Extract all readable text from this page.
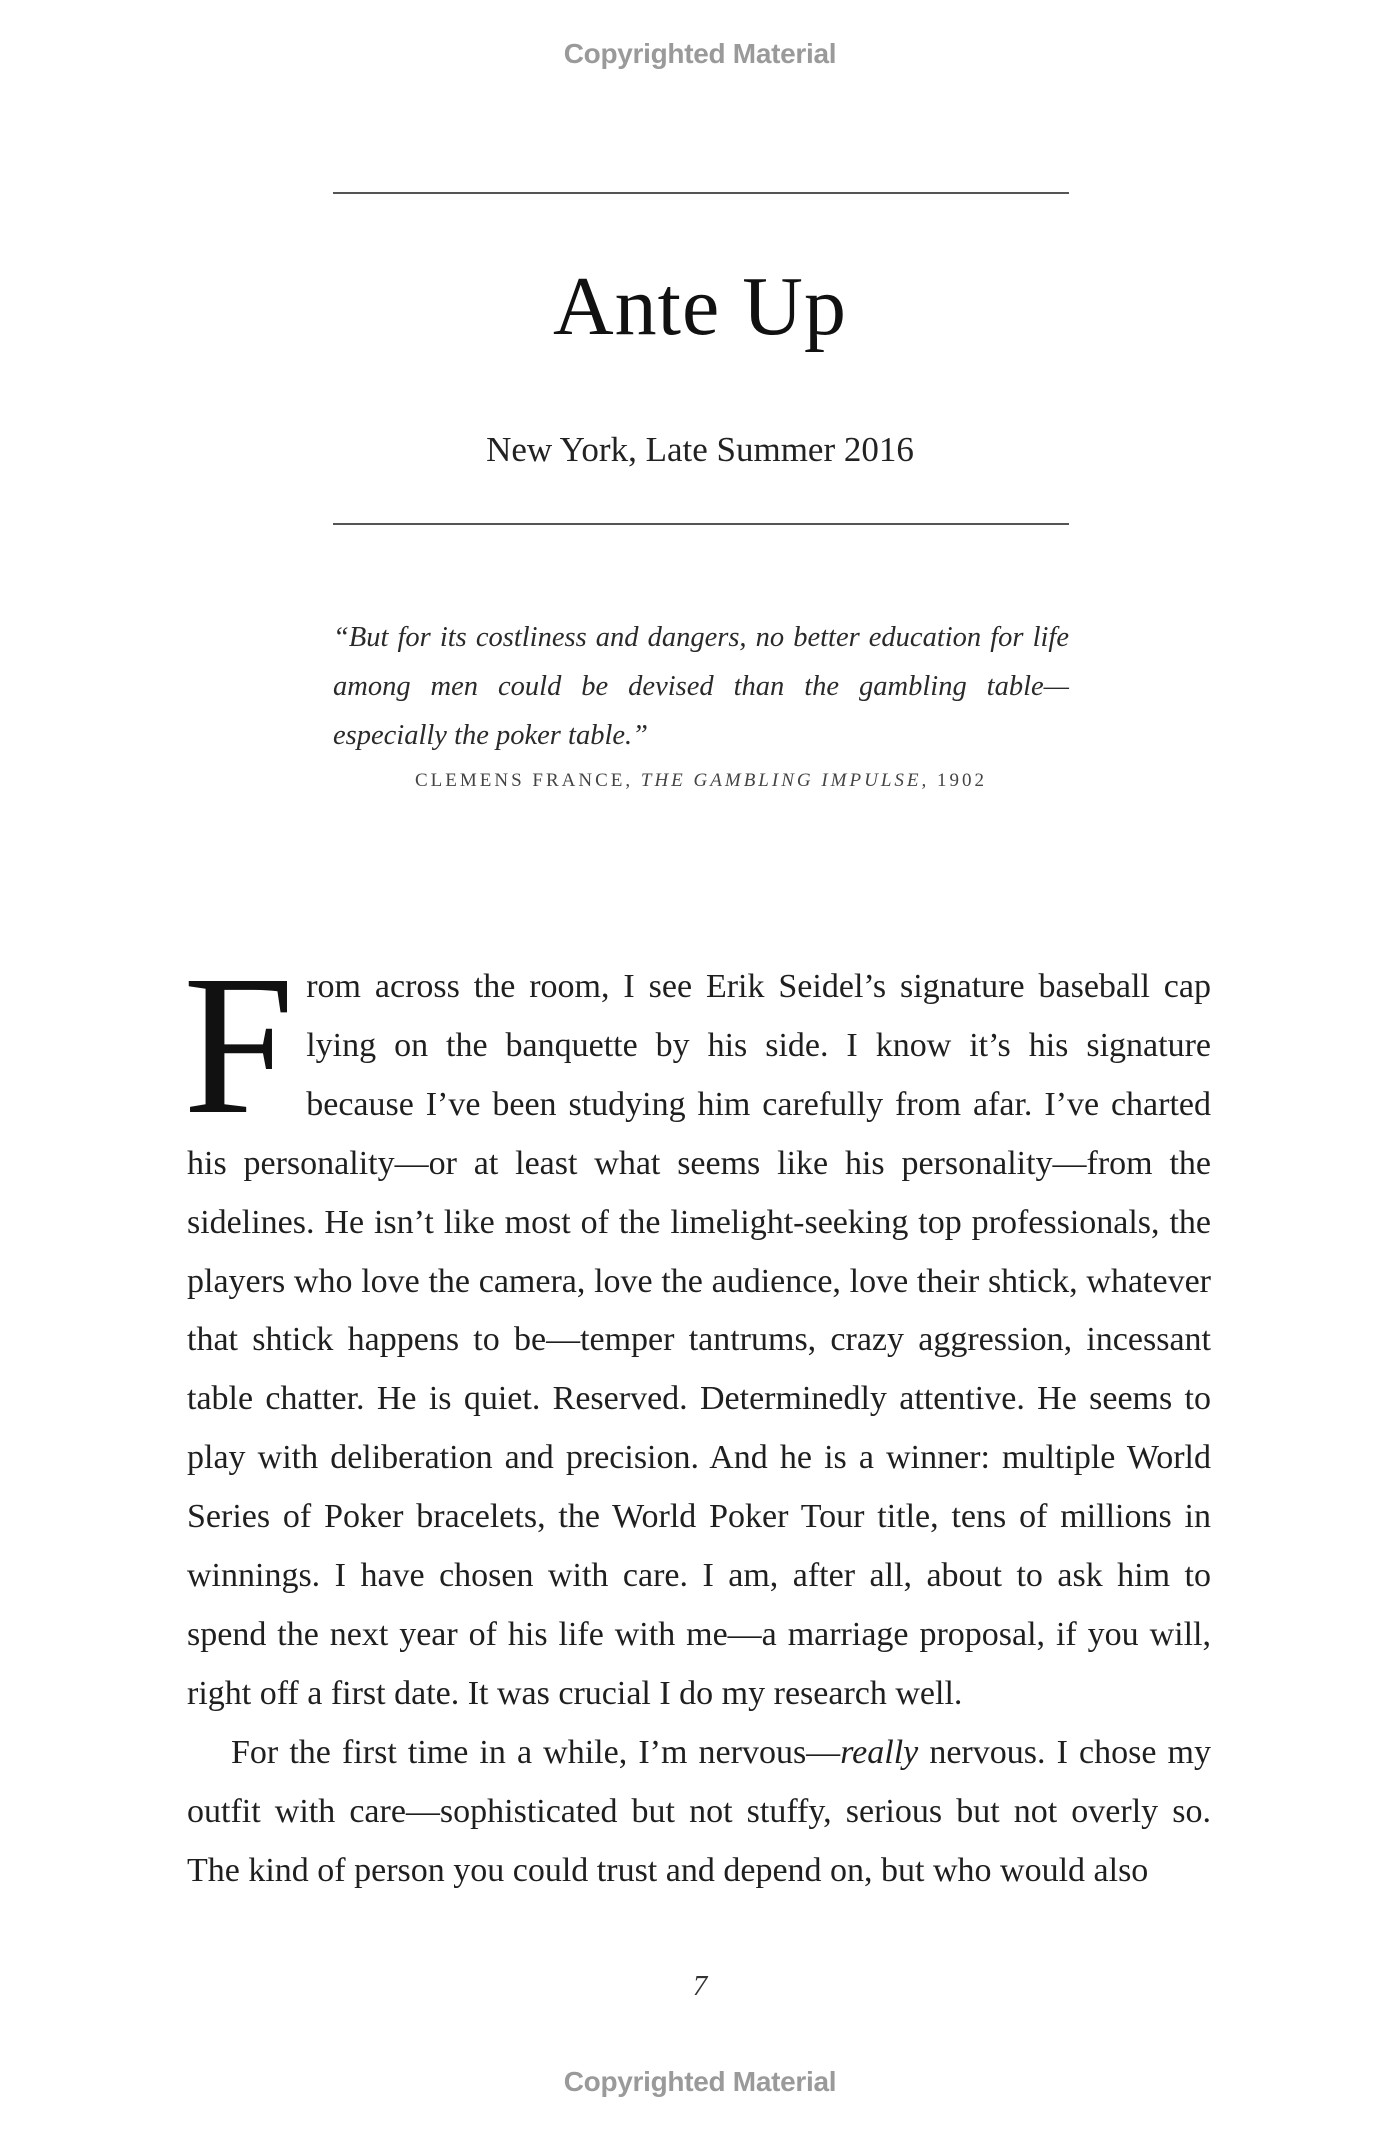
Copyrighted Material
Ante Up
New York, Late Summer 2016
“But for its costliness and dangers, no better education for life among men could be devised than the gambling table—especially the poker table.”
CLEMENS FRANCE, THE GAMBLING IMPULSE, 1902

From across the room, I see Erik Seidel’s signature baseball cap lying on the banquette by his side. I know it’s his signature because I’ve been studying him carefully from afar. I’ve charted his personality—or at least what seems like his personality—from the sidelines. He isn’t like most of the limelight-seeking top professionals, the players who love the camera, love the audience, love their shtick, whatever that shtick happens to be—temper tantrums, crazy aggression, incessant table chatter. He is quiet. Reserved. Determinedly attentive. He seems to play with deliberation and precision. And he is a winner: multiple World Series of Poker bracelets, the World Poker Tour title, tens of millions in winnings. I have chosen with care. I am, after all, about to ask him to spend the next year of his life with me—a marriage proposal, if you will, right off a first date. It was crucial I do my research well.

For the first time in a while, I’m nervous—really nervous. I chose my outfit with care—sophisticated but not stuffy, serious but not overly so. The kind of person you could trust and depend on, but who would also

7
Copyrighted Material
